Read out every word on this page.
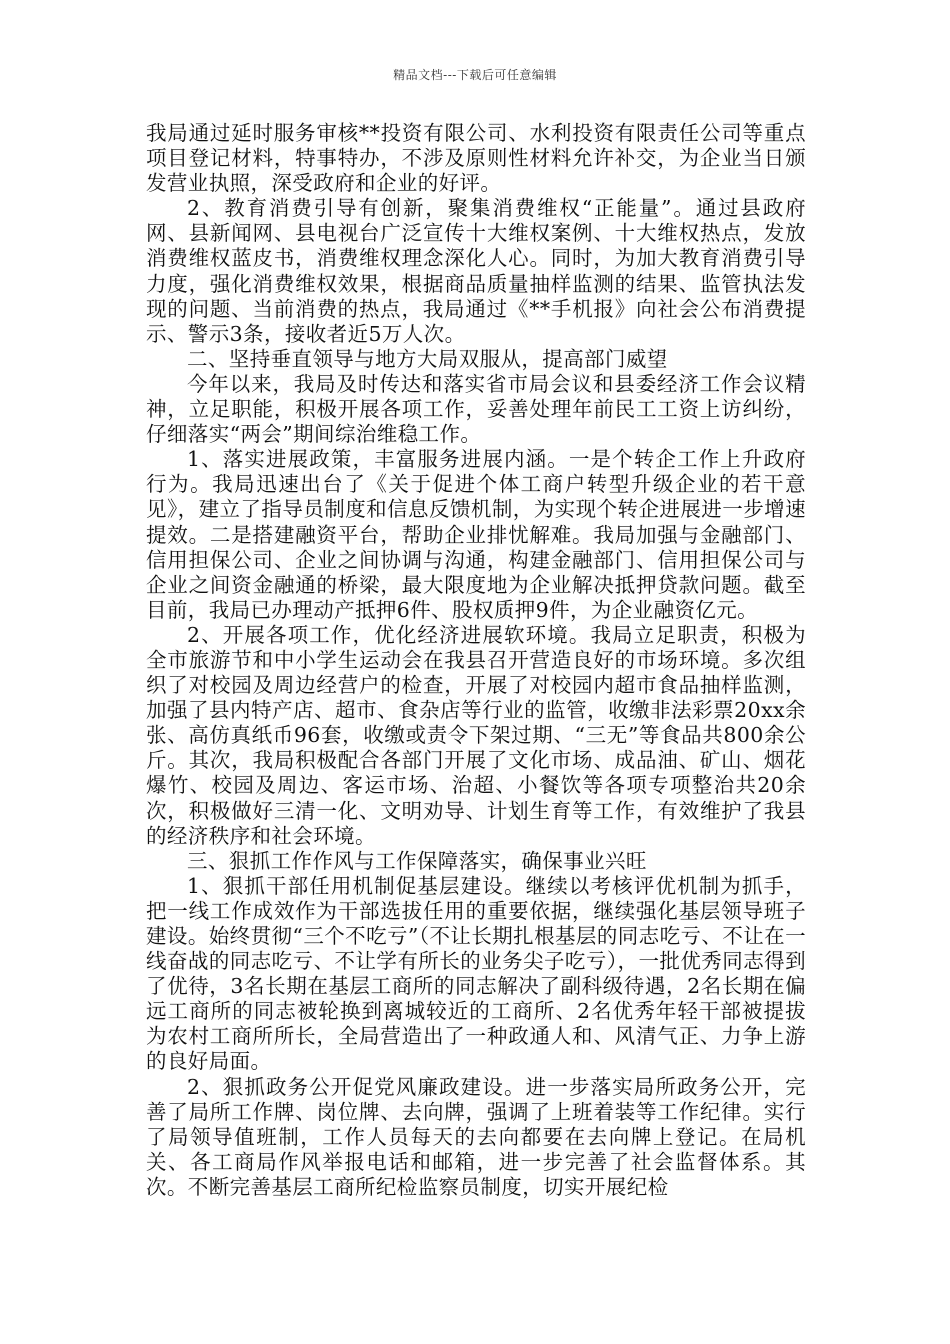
精品文档---下载后可任意编辑

我局通过延时服务审核**投资有限公司、水利投资有限责任公司等重点项目登记材料，特事特办，不涉及原则性材料允许补交，为企业当日颁发营业执照，深受政府和企业的好评。

2、教育消费引导有创新，聚集消费维权“正能量”。通过县政府网、县新闻网、县电视台广泛宣传十大维权案例、十大维权热点，发放消费维权蓝皮书，消费维权理念深化人心。同时，为加大教育消费引导力度，强化消费维权效果，根据商品质量抽样监测的结果、监管执法发现的问题、当前消费的热点，我局通过《**手机报》向社会公布消费提示、警示3条，接收者近5万人次。

二、坚持垂直领导与地方大局双服从，提高部门威望

今年以来，我局及时传达和落实省市局会议和县委经济工作会议精神，立足职能，积极开展各项工作，妥善处理年前民工工资上访纠纷，仔细落实“两会”期间综治维稳工作。

1、落实进展政策，丰富服务进展内涵。一是个转企工作上升政府行为。我局迅速出台了《关于促进个体工商户转型升级企业的若干意见》，建立了指导员制度和信息反馈机制，为实现个转企进展进一步增速提效。二是搭建融资平台，帮助企业排忧解难。我局加强与金融部门、信用担保公司、企业之间协调与沟通，构建金融部门、信用担保公司与企业之间资金融通的桥梁，最大限度地为企业解决抵押贷款问题。截至目前，我局已办理动产抵押6件、股权质押9件，为企业融资亿元。

2、开展各项工作，优化经济进展软环境。我局立足职责，积极为全市旅游节和中小学生运动会在我县召开营造良好的市场环境。多次组织了对校园及周边经营户的检查，开展了对校园内超市食品抽样监测，加强了县内特产店、超市、食杂店等行业的监管，收缴非法彩票20xx余张、高仿真纸币96套，收缴或责令下架过期、“三无”等食品共800余公斤。其次，我局积极配合各部门开展了文化市场、成品油、矿山、烟花爆竹、校园及周边、客运市场、治超、小餐饮等各项专项整治共20余次，积极做好三清一化、文明劝导、计划生育等工作，有效维护了我县的经济秩序和社会环境。

三、狠抓工作作风与工作保障落实，确保事业兴旺

1、狠抓干部任用机制促基层建设。继续以考核评优机制为抓手，把一线工作成效作为干部选拔任用的重要依据，继续强化基层领导班子建设。始终贯彻“三个不吃亏”（不让长期扎根基层的同志吃亏、不让在一线奋战的同志吃亏、不让学有所长的业务尖子吃亏），一批优秀同志得到了优待，3名长期在基层工商所的同志解决了副科级待遇，2名长期在偏远工商所的同志被轮换到离城较近的工商所、2名优秀年轻干部被提拔为农村工商所所长，全局营造出了一种政通人和、风清气正、力争上游的良好局面。

2、狠抓政务公开促党风廉政建设。进一步落实局所政务公开，完善了局所工作牌、岗位牌、去向牌，强调了上班着装等工作纪律。实行了局领导值班制，工作人员每天的去向都要在去向牌上登记。在局机关、各工商局作风举报电话和邮箱，进一步完善了社会监督体系。其次。不断完善基层工商所纪检监察员制度，切实开展纪检
